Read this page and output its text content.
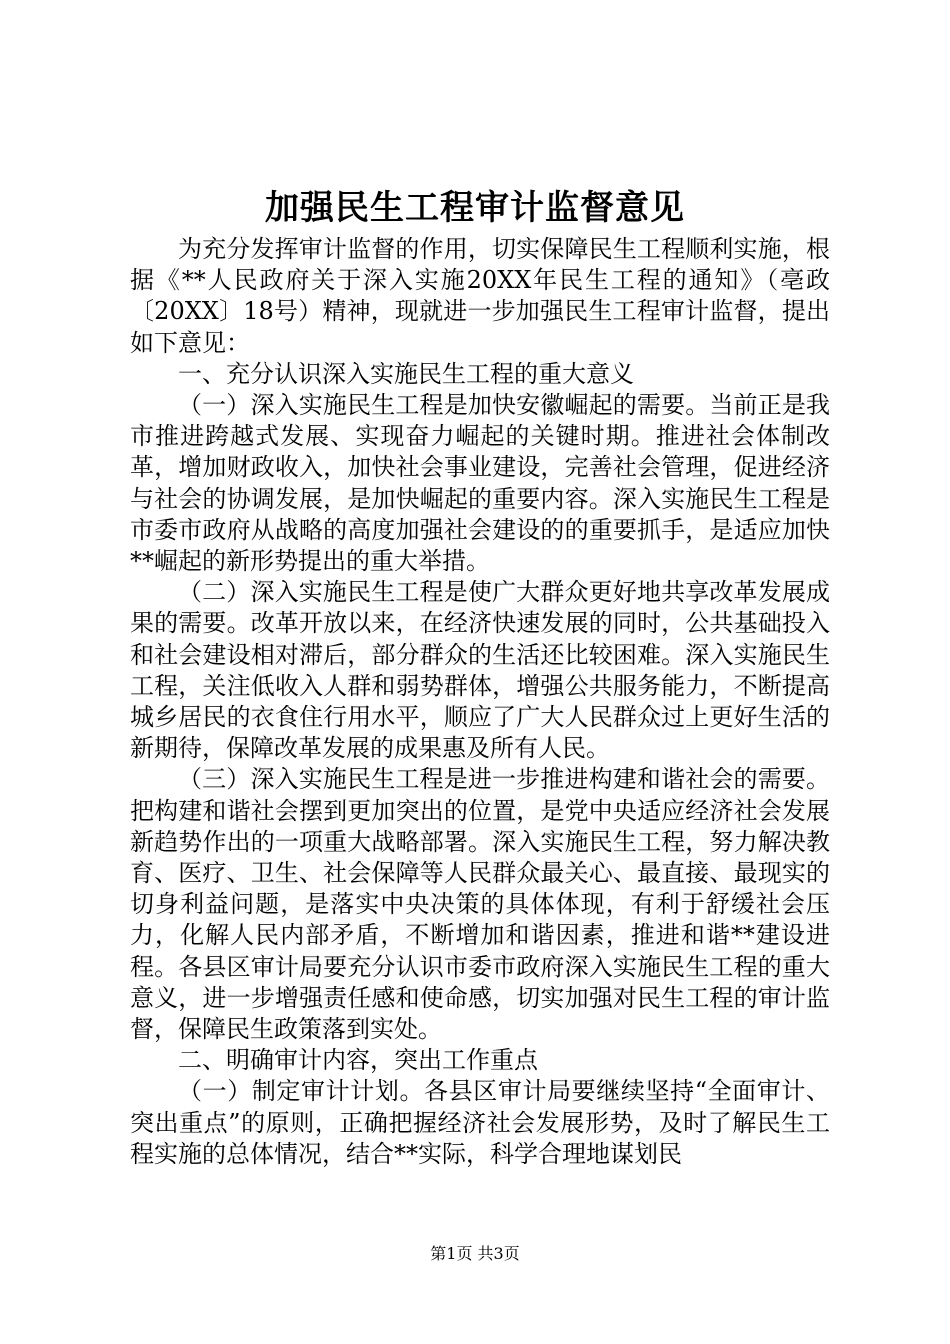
加强民生工程审计监督意见

为充分发挥审计监督的作用，切实保障民生工程顺利实施，根据《**人民政府关于深入实施20XX年民生工程的通知》（亳政〔20XX〕18号）精神，现就进一步加强民生工程审计监督，提出如下意见：

一、充分认识深入实施民生工程的重大意义

（一）深入实施民生工程是加快安徽崛起的需要。当前正是我市推进跨越式发展、实现奋力崛起的关键时期。推进社会体制改革，增加财政收入，加快社会事业建设，完善社会管理，促进经济与社会的协调发展，是加快崛起的重要内容。深入实施民生工程是市委市政府从战略的高度加强社会建设的的重要抓手，是适应加快**崛起的新形势提出的重大举措。

（二）深入实施民生工程是使广大群众更好地共享改革发展成果的需要。改革开放以来，在经济快速发展的同时，公共基础投入和社会建设相对滞后，部分群众的生活还比较困难。深入实施民生工程，关注低收入人群和弱势群体，增强公共服务能力，不断提高城乡居民的衣食住行用水平，顺应了广大人民群众过上更好生活的新期待，保障改革发展的成果惠及所有人民。

（三）深入实施民生工程是进一步推进构建和谐社会的需要。把构建和谐社会摆到更加突出的位置，是党中央适应经济社会发展新趋势作出的一项重大战略部署。深入实施民生工程，努力解决教育、医疗、卫生、社会保障等人民群众最关心、最直接、最现实的切身利益问题，是落实中央决策的具体体现，有利于舒缓社会压力，化解人民内部矛盾，不断增加和谐因素，推进和谐**建设进程。各县区审计局要充分认识市委市政府深入实施民生工程的重大意义，进一步增强责任感和使命感，切实加强对民生工程的审计监督，保障民生政策落到实处。

二、明确审计内容，突出工作重点

（一）制定审计计划。各县区审计局要继续坚持“全面审计、突出重点”的原则，正确把握经济社会发展形势，及时了解民生工程实施的总体情况，结合**实际，科学合理地谋划民

第1页 共3页
